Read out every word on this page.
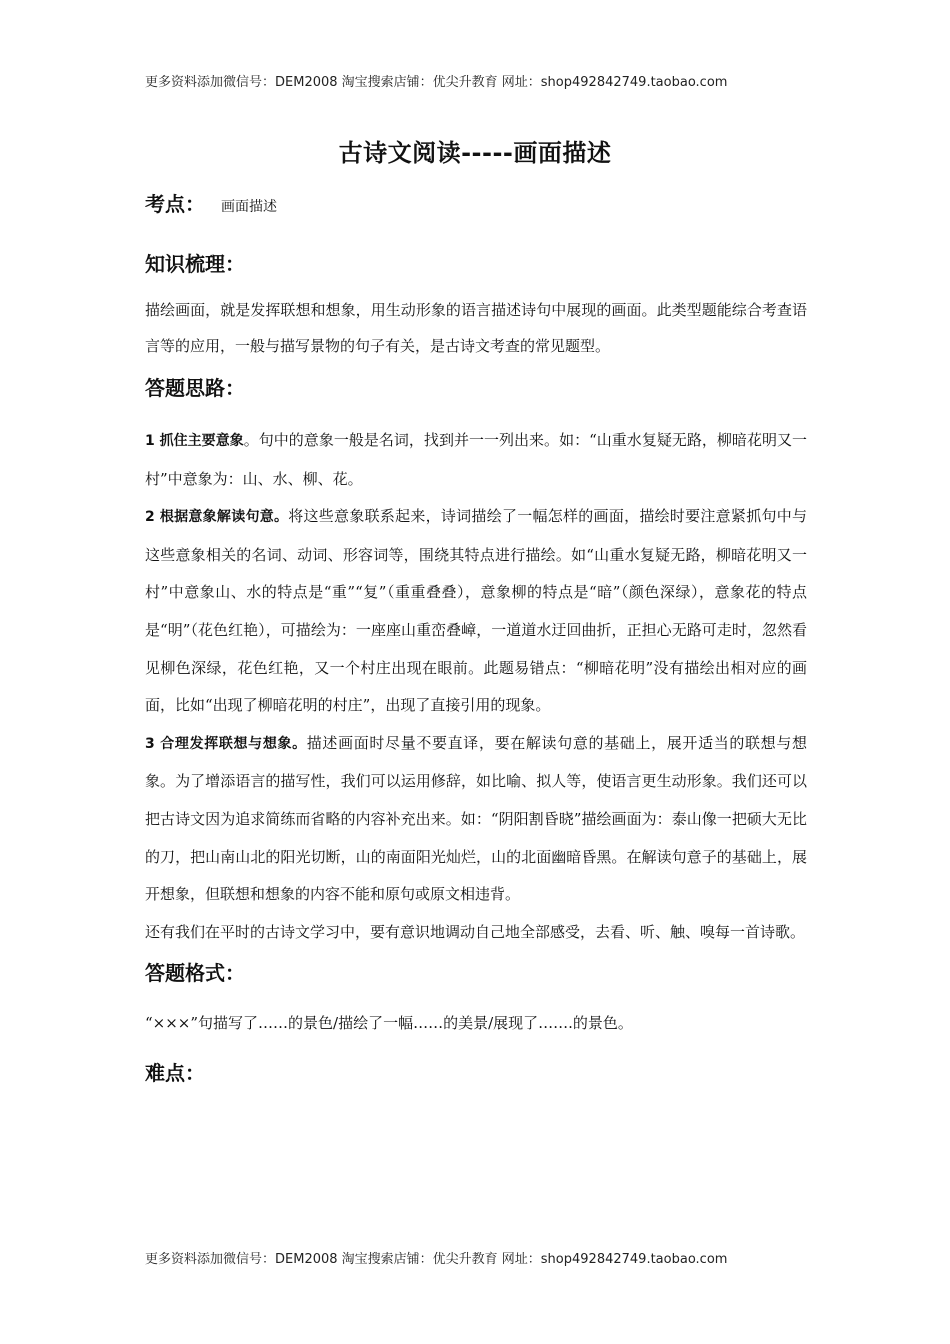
更多资料添加微信号：DEM2008 淘宝搜索店铺：优尖升教育 网址：shop492842749.taobao.com
古诗文阅读-----画面描述
考点： 画面描述
知识梳理：

描绘画面，就是发挥联想和想象，用生动形象的语言描述诗句中展现的画面。此类型题能综合考查语言等的应用，一般与描写景物的句子有关，是古诗文考查的常见题型。

答题思路：

1 抓住主要意象。句中的意象一般是名词，找到并一一列出来。如：“山重水复疑无路，柳暗花明又一村”中意象为：山、水、柳、花。

2 根据意象解读句意。将这些意象联系起来，诗词描绘了一幅怎样的画面，描绘时要注意紧抓句中与这些意象相关的名词、动词、形容词等，围绕其特点进行描绘。如“山重水复疑无路，柳暗花明又一村”中意象山、水的特点是“重”“复”（重重叠叠），意象柳的特点是“暗”（颜色深绿），意象花的特点是“明”（花色红艳），可描绘为：一座座山重峦叠嶂，一道道水迂回曲折，正担心无路可走时，忽然看见柳色深绿，花色红艳，又一个村庄出现在眼前。此题易错点：“柳暗花明”没有描绘出相对应的画面，比如“出现了柳暗花明的村庄”，出现了直接引用的现象。

3 合理发挥联想与想象。描述画面时尽量不要直译，要在解读句意的基础上，展开适当的联想与想象。为了增添语言的描写性，我们可以运用修辞，如比喻、拟人等，使语言更生动形象。我们还可以把古诗文因为追求简练而省略的内容补充出来。如：“阴阳割昏晓”描绘画面为：泰山像一把硕大无比的刀，把山南山北的阳光切断，山的南面阳光灿烂，山的北面幽暗昏黑。在解读句意子的基础上，展开想象，但联想和想象的内容不能和原句或原文相违背。

还有我们在平时的古诗文学习中，要有意识地调动自己地全部感受，去看、听、触、嗅每一首诗歌。

答题格式：

“×××”句描写了……的景色/描绘了一幅……的美景/展现了…….的景色。

难点：
更多资料添加微信号：DEM2008 淘宝搜索店铺：优尖升教育 网址：shop492842749.taobao.com
